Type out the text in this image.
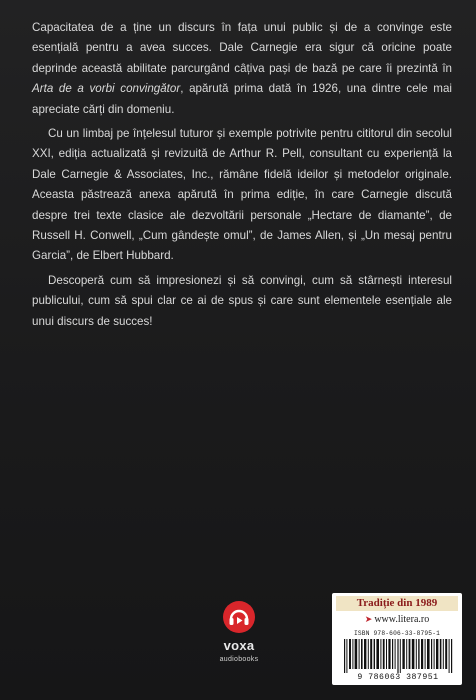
Capacitatea de a ține un discurs în fața unui public și de a convinge este esențială pentru a avea succes. Dale Carnegie era sigur că oricine poate deprinde această abilitate parcurgând câțiva pași de bază pe care îi prezintă în Arta de a vorbi convingător, apărută prima dată în 1926, una dintre cele mai apreciate cărți din domeniu.

Cu un limbaj pe înțelesul tuturor și exemple potrivite pentru cititorul din secolul XXI, ediția actualizată și revizuită de Arthur R. Pell, consultant cu experiență la Dale Carnegie & Associates, Inc., rămâne fidelă ideilor și metodelor originale. Aceasta păstrează anexa apărută în prima ediție, în care Carnegie discută despre trei texte clasice ale dezvoltării personale „Hectare de diamante”, de Russell H. Conwell, „Cum gândește omul”, de James Allen, și „Un mesaj pentru Garcia”, de Elbert Hubbard.

Descoperă cum să impresionezi și să convingi, cum să stârnești interesul publicului, cum să spui clar ce ai de spus și care sunt elementele esențiale ale unui discurs de succes!

voxa
audiobooks
Tradiție din 1989
➤ www.litera.ro
ISBN 978-606-33-8795-1
9 786063 387951
